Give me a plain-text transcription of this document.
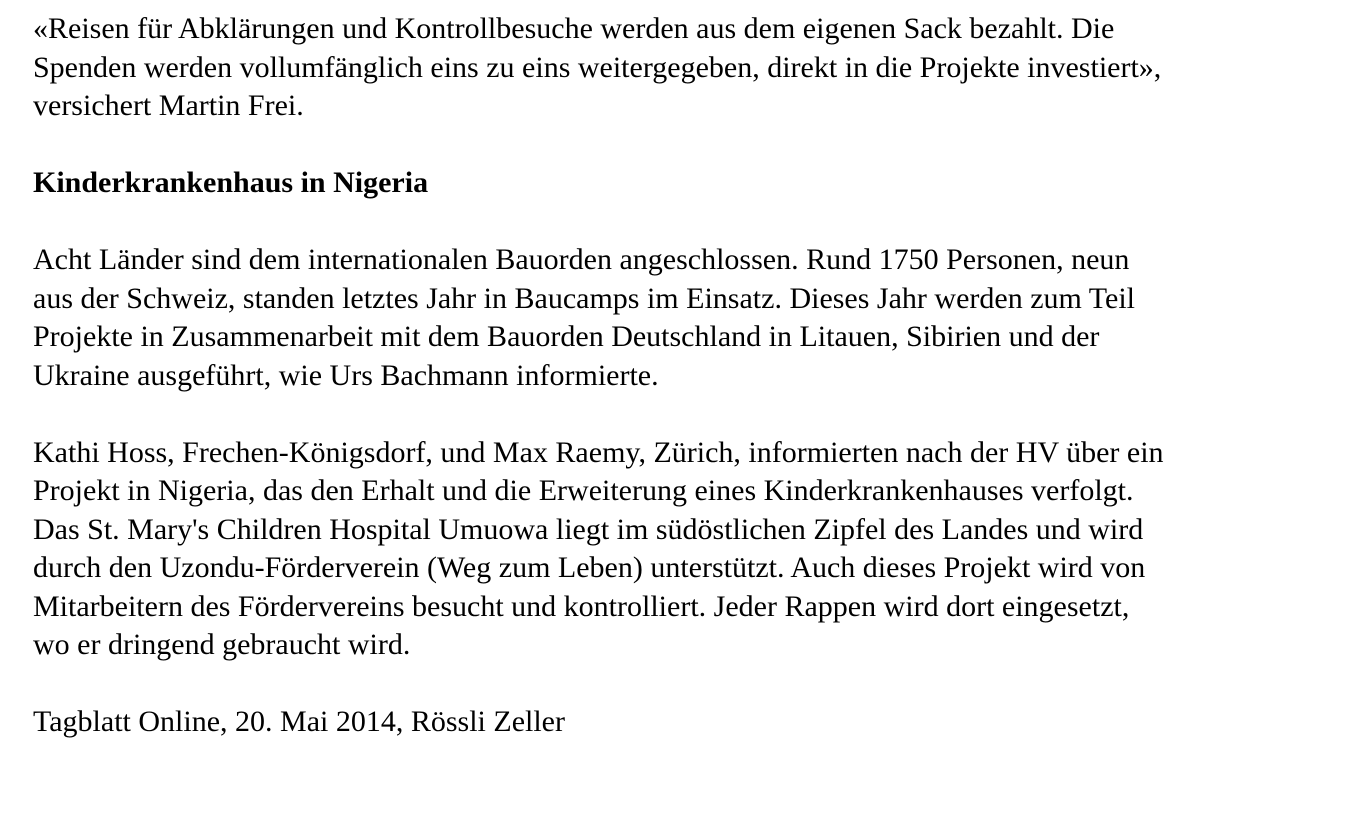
«Reisen für Abklärungen und Kontrollbesuche werden aus dem eigenen Sack bezahlt. Die
Spenden werden vollumfänglich eins zu eins weitergegeben, direkt in die Projekte investiert»,
versichert Martin Frei.
Kinderkrankenhaus in Nigeria
Acht Länder sind dem internationalen Bauorden angeschlossen. Rund 1750 Personen, neun
aus der Schweiz, standen letztes Jahr in Baucamps im Einsatz. Dieses Jahr werden zum Teil
Projekte in Zusammenarbeit mit dem Bauorden Deutschland in Litauen, Sibirien und der
Ukraine ausgeführt, wie Urs Bachmann informierte.
Kathi Hoss, Frechen-Königsdorf, und Max Raemy, Zürich, informierten nach der HV über ein
Projekt in Nigeria, das den Erhalt und die Erweiterung eines Kinderkrankenhauses verfolgt.
Das St. Mary's Children Hospital Umuowa liegt im südöstlichen Zipfel des Landes und wird
durch den Uzondu-Förderverein (Weg zum Leben) unterstützt. Auch dieses Projekt wird von
Mitarbeitern des Fördervereins besucht und kontrolliert. Jeder Rappen wird dort eingesetzt,
wo er dringend gebraucht wird.
Tagblatt Online, 20. Mai 2014, Rössli Zeller
